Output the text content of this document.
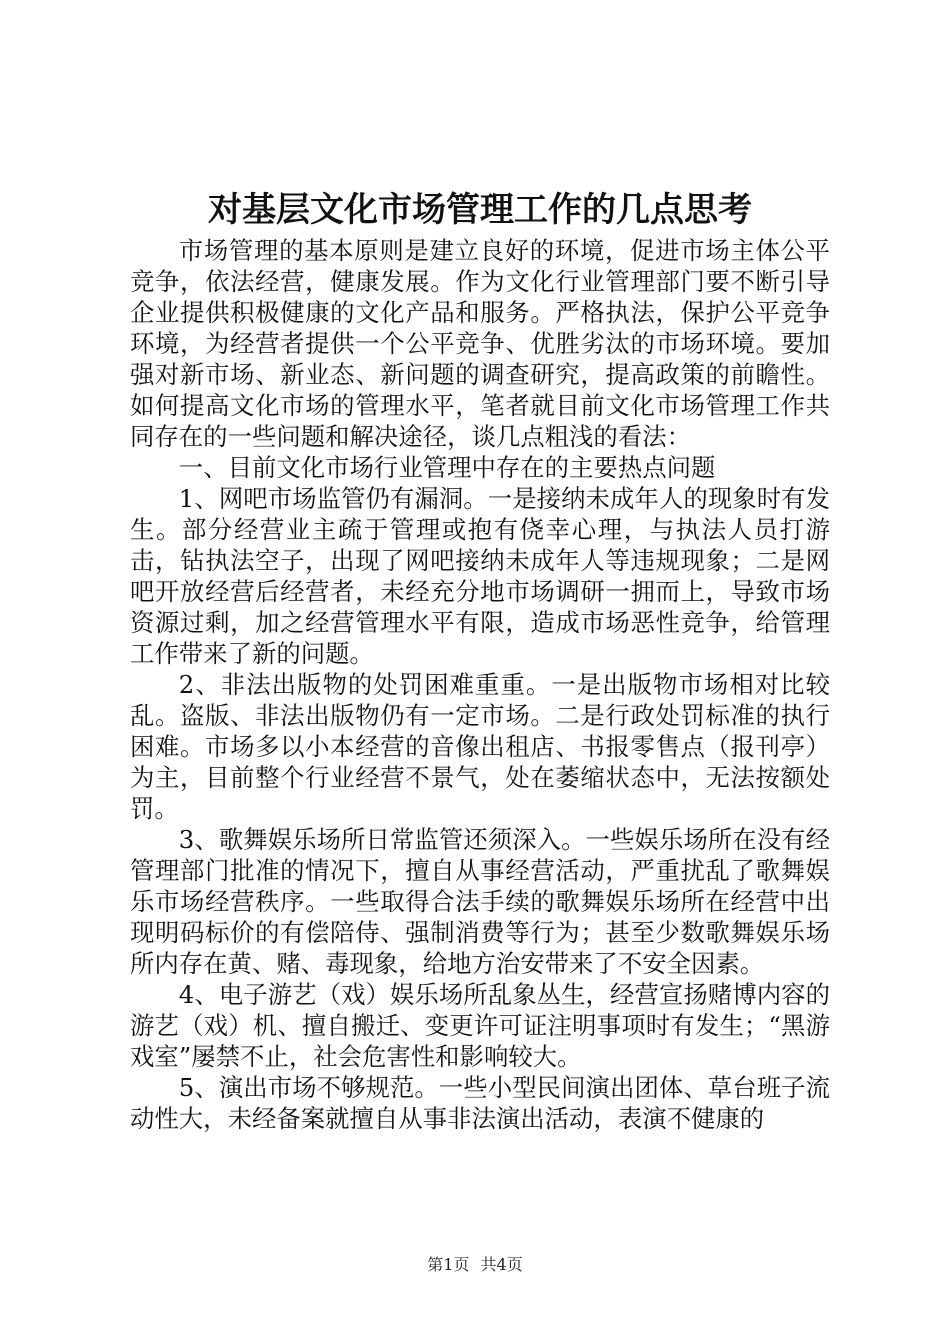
对基层文化市场管理工作的几点思考

市场管理的基本原则是建立良好的环境，促进市场主体公平竞争，依法经营，健康发展。作为文化行业管理部门要不断引导企业提供积极健康的文化产品和服务。严格执法，保护公平竞争环境，为经营者提供一个公平竞争、优胜劣汰的市场环境。要加强对新市场、新业态、新问题的调查研究，提高政策的前瞻性。如何提高文化市场的管理水平，笔者就目前文化市场管理工作共同存在的一些问题和解决途径，谈几点粗浅的看法：

一、目前文化市场行业管理中存在的主要热点问题

1、网吧市场监管仍有漏洞。一是接纳未成年人的现象时有发生。部分经营业主疏于管理或抱有侥幸心理，与执法人员打游击，钻执法空子，出现了网吧接纳未成年人等违规现象；二是网吧开放经营后经营者，未经充分地市场调研一拥而上，导致市场资源过剩，加之经营管理水平有限，造成市场恶性竞争，给管理工作带来了新的问题。

2、非法出版物的处罚困难重重。一是出版物市场相对比较乱。盗版、非法出版物仍有一定市场。二是行政处罚标准的执行困难。市场多以小本经营的音像出租店、书报零售点（报刊亭）为主，目前整个行业经营不景气，处在萎缩状态中，无法按额处罚。

3、歌舞娱乐场所日常监管还须深入。一些娱乐场所在没有经管理部门批准的情况下，擅自从事经营活动，严重扰乱了歌舞娱乐市场经营秩序。一些取得合法手续的歌舞娱乐场所在经营中出现明码标价的有偿陪侍、强制消费等行为；甚至少数歌舞娱乐场所内存在黄、赌、毒现象，给地方治安带来了不安全因素。

4、电子游艺（戏）娱乐场所乱象丛生，经营宣扬赌博内容的游艺（戏）机、擅自搬迁、变更许可证注明事项时有发生；“黑游戏室”屡禁不止，社会危害性和影响较大。

5、演出市场不够规范。一些小型民间演出团体、草台班子流动性大，未经备案就擅自从事非法演出活动，表演不健康的

第1页 共4页
